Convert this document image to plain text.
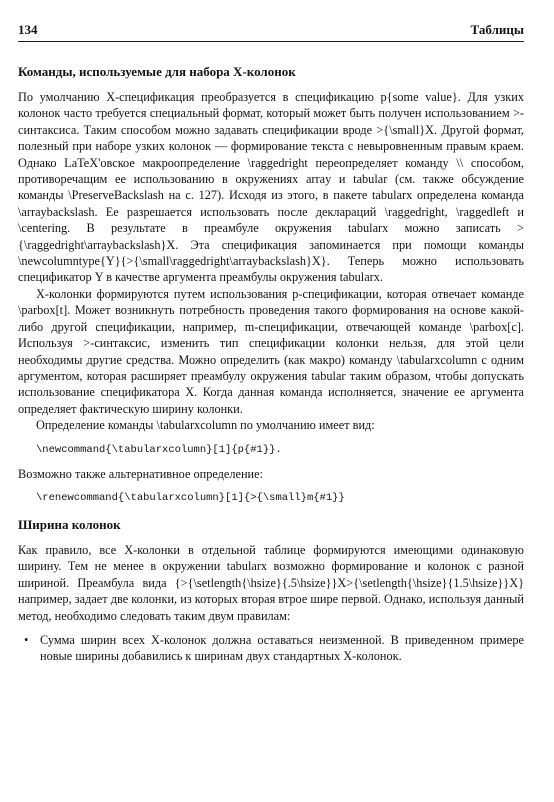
134	Таблицы
Команды, используемые для набора X-колонок

По умолчанию X-спецификация преобразуется в спецификацию p{some value}. Для узких колонок часто требуется специальный формат, который может быть получен использованием >-синтаксиса. Таким способом можно задавать спецификации вроде >{\small}X. Другой формат, полезный при наборе узких колонок — формирование текста с невыровненным правым краем. Однако LaTeX'овское макроопределение \raggedright переопределяет команду \\ способом, противоречащим ее использованию в окружениях array и tabular (см. также обсуждение команды \PreserveBackslash на с. 127). Исходя из этого, в пакете tabularx определена команда \arraybackslash. Ее разрешается использовать после деклараций \raggedright, \raggedleft и \centering. В результате в преамбуле окружения tabularx можно записать >{\raggedright\arraybackslash}X. Эта спецификация запоминается при помощи команды \newcolumntype{Y}{>{\small\raggedright\arraybackslash}X}. Теперь можно использовать спецификатор Y в качестве аргумента преамбулы окружения tabularx.

X-колонки формируются путем использования p-спецификации, которая отвечает команде \parbox[t]. Может возникнуть потребность проведения такого формирования на основе какой-либо другой спецификации, например, m-спецификации, отвечающей команде \parbox[c]. Используя >-синтаксис, изменить тип спецификации колонки нельзя, для этой цели необходимы другие средства. Можно определить (как макро) команду \tabularxcolumn с одним аргументом, которая расширяет преамбулу окружения tabular таким образом, чтобы допускать использование спецификатора X. Когда данная команда исполняется, значение ее аргумента определяет фактическую ширину колонки.

Определение команды \tabularxcolumn по умолчанию имеет вид:

\newcommand{\tabularxcolumn}[1]{p{#1}}.

Возможно также альтернативное определение:

\renewcommand{\tabularxcolumn}[1]{>{\small}m{#1}}
Ширина колонок

Как правило, все X-колонки в отдельной таблице формируются имеющими одинаковую ширину. Тем не менее в окружении tabularx возможно формирование и колонок с разной шириной. Преамбула вида {>{\setlength{\hsize}{.5\hsize}}X>{\setlength{\hsize}{1.5\hsize}}X} например, задает две колонки, из которых вторая втрое шире первой. Однако, используя данный метод, необходимо следовать таким двум правилам:

• Сумма ширин всех X-колонок должна оставаться неизменной. В приведенном примере новые ширины добавились к ширинам двух стандартных X-колонок.
